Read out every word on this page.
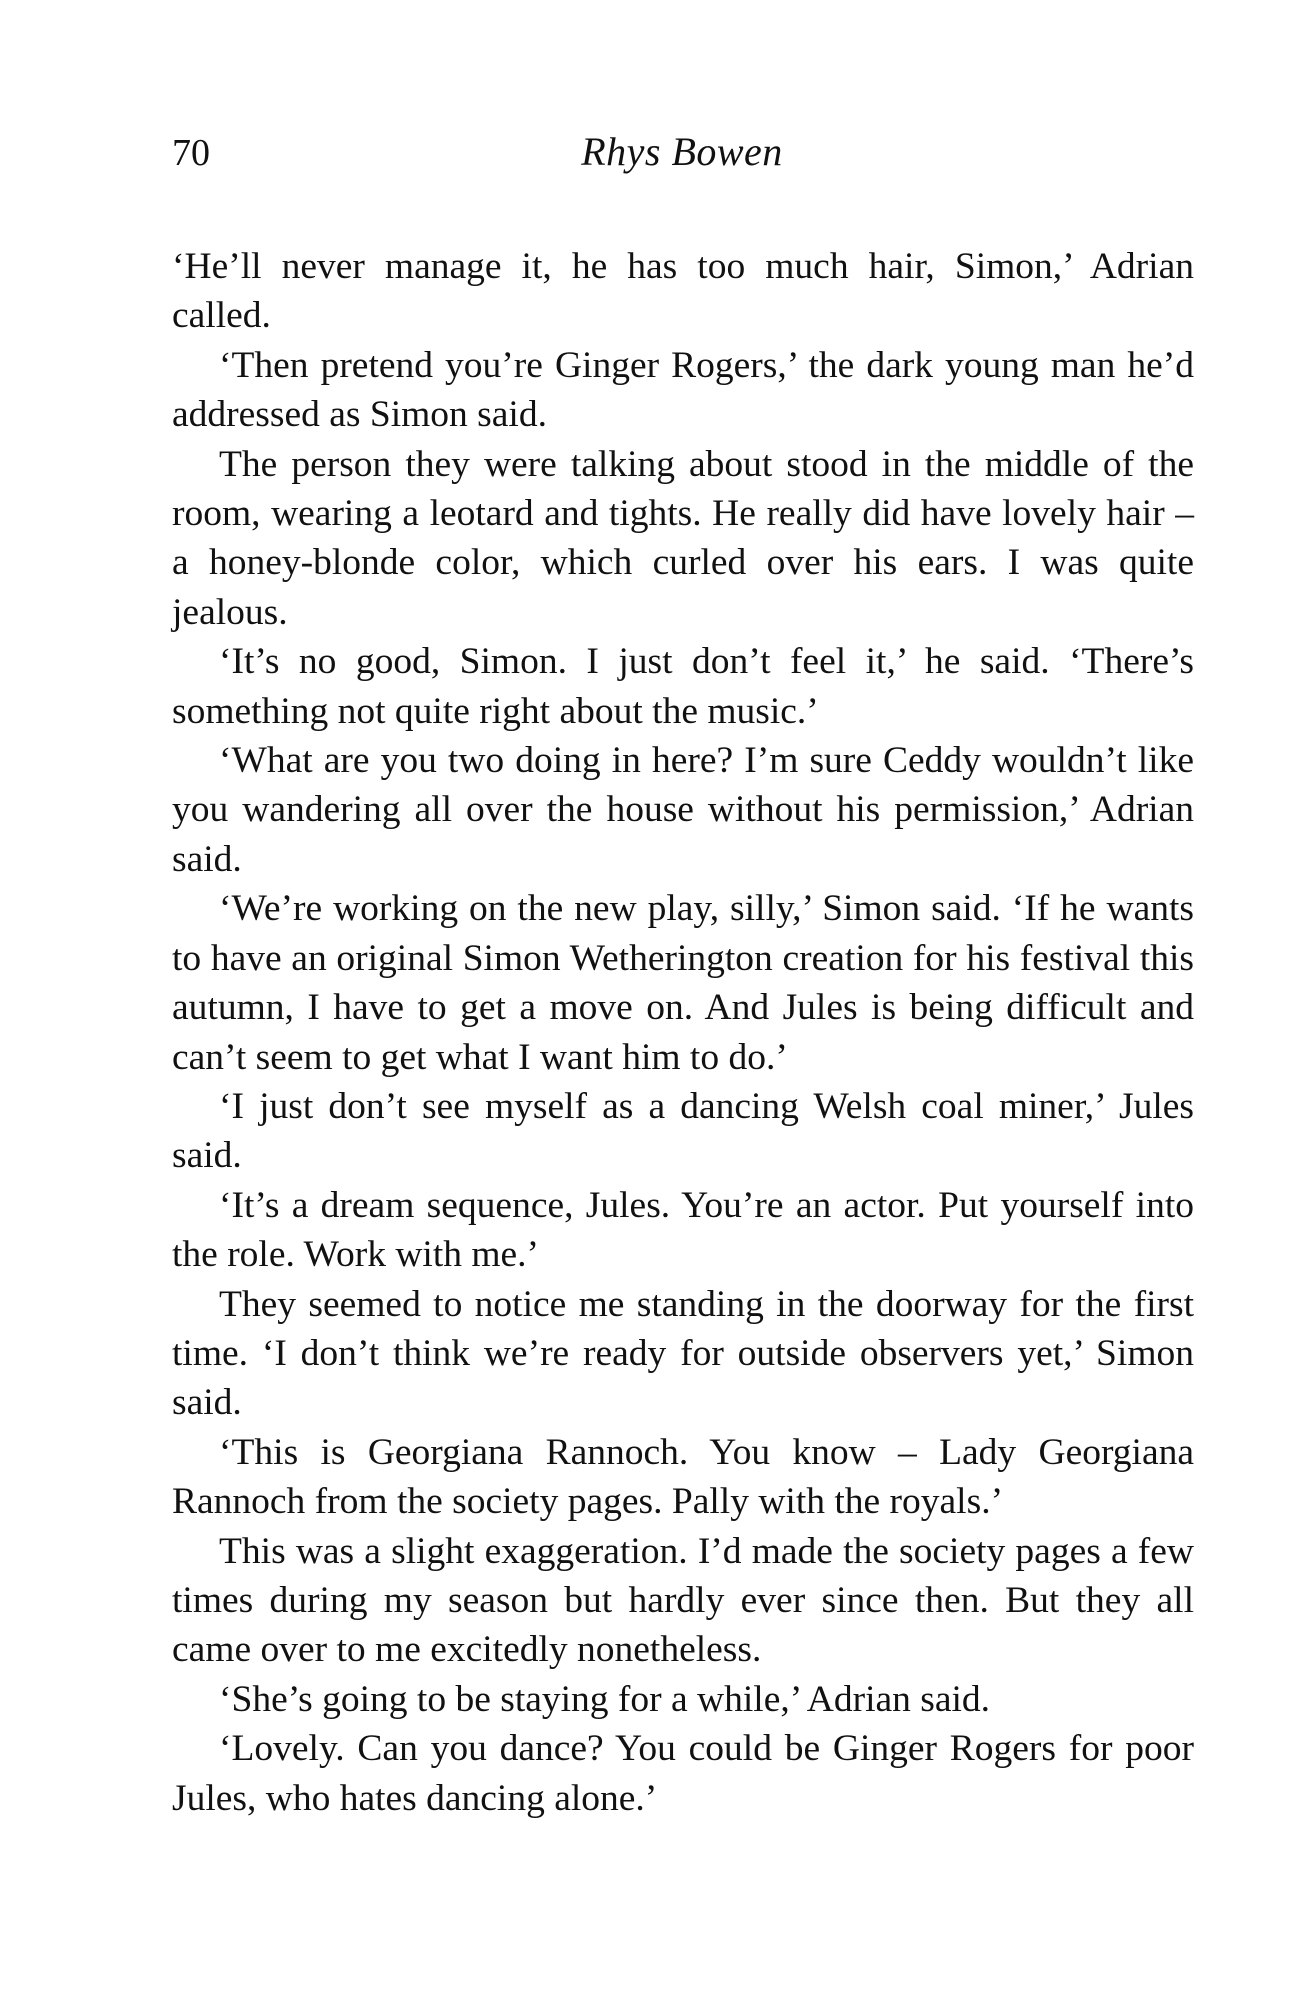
70	Rhys Bowen

‘He’ll never manage it, he has too much hair, Simon,’ Adrian called.

‘Then pretend you’re Ginger Rogers,’ the dark young man he’d addressed as Simon said.

The person they were talking about stood in the middle of the room, wearing a leotard and tights. He really did have lovely hair – a honey-blonde color, which curled over his ears. I was quite jealous.

‘It’s no good, Simon. I just don’t feel it,’ he said. ‘There’s something not quite right about the music.’

‘What are you two doing in here? I’m sure Ceddy wouldn’t like you wandering all over the house without his permission,’ Adrian said.

‘We’re working on the new play, silly,’ Simon said. ‘If he wants to have an original Simon Wetherington creation for his festival this autumn, I have to get a move on. And Jules is being difficult and can’t seem to get what I want him to do.’

‘I just don’t see myself as a dancing Welsh coal miner,’ Jules said.

‘It’s a dream sequence, Jules. You’re an actor. Put yourself into the role. Work with me.’

They seemed to notice me standing in the doorway for the first time. ‘I don’t think we’re ready for outside observers yet,’ Simon said.

‘This is Georgiana Rannoch. You know – Lady Georgiana Rannoch from the society pages. Pally with the royals.’

This was a slight exaggeration. I’d made the society pages a few times during my season but hardly ever since then. But they all came over to me excitedly nonetheless.

‘She’s going to be staying for a while,’ Adrian said.

‘Lovely. Can you dance? You could be Ginger Rogers for poor Jules, who hates dancing alone.’
